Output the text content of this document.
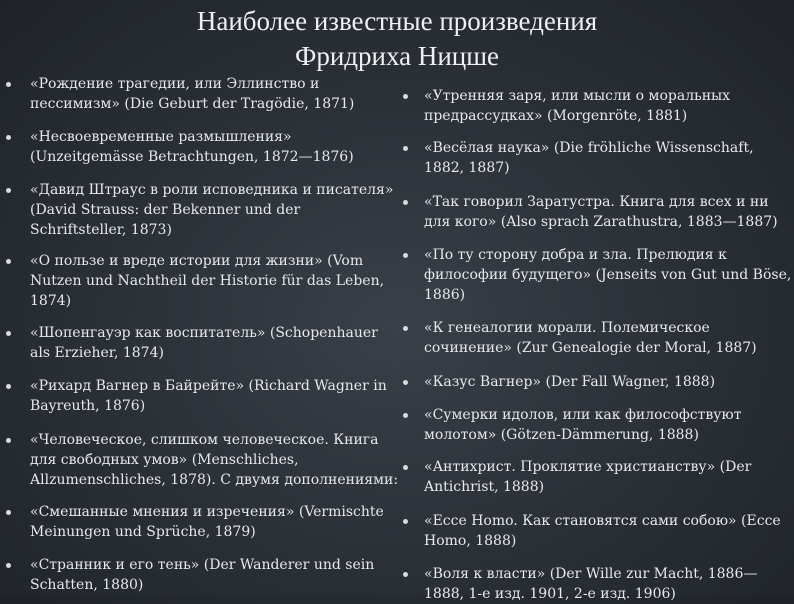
Наиболее известные произведения
Фридриха Ницше
«Рождение трагедии, или Эллинство и пессимизм» (Die Geburt der Tragödie, 1871)
«Несвоевременные размышления» (Unzeitgemässe Betrachtungen, 1872—1876)
«Давид Штраус в роли исповедника и писателя» (David Strauss: der Bekenner und der Schriftsteller, 1873)
«О пользе и вреде истории для жизни» (Vom Nutzen und Nachtheil der Historie für das Leben, 1874)
«Шопенгауэр как воспитатель» (Schopenhauer als Erzieher, 1874)
«Рихард Вагнер в Байрейте» (Richard Wagner in Bayreuth, 1876)
«Человеческое, слишком человеческое. Книга для свободных умов» (Menschliches, Allzumenschliches, 1878). С двумя дополнениями:
«Смешанные мнения и изречения» (Vermischte Meinungen und Sprüche, 1879)
«Странник и его тень» (Der Wanderer und sein Schatten, 1880)
«Утренняя заря, или мысли о моральных предрассудках» (Morgenröte, 1881)
«Весёлая наука» (Die fröhliche Wissenschaft, 1882, 1887)
«Так говорил Заратустра. Книга для всех и ни для кого» (Also sprach Zarathustra, 1883—1887)
«По ту сторону добра и зла. Прелюдия к философии будущего» (Jenseits von Gut und Böse, 1886)
«К генеалогии морали. Полемическое сочинение» (Zur Genealogie der Moral, 1887)
«Казус Вагнер» (Der Fall Wagner, 1888)
«Сумерки идолов, или как философствуют молотом» (Götzen-Dämmerung, 1888)
«Антихрист. Проклятие христианству» (Der Antichrist, 1888)
«Ecce Homo. Как становятся сами собою» (Ecce Homo, 1888)
«Воля к власти» (Der Wille zur Macht, 1886—1888, 1-е изд. 1901, 2-е изд. 1906)
